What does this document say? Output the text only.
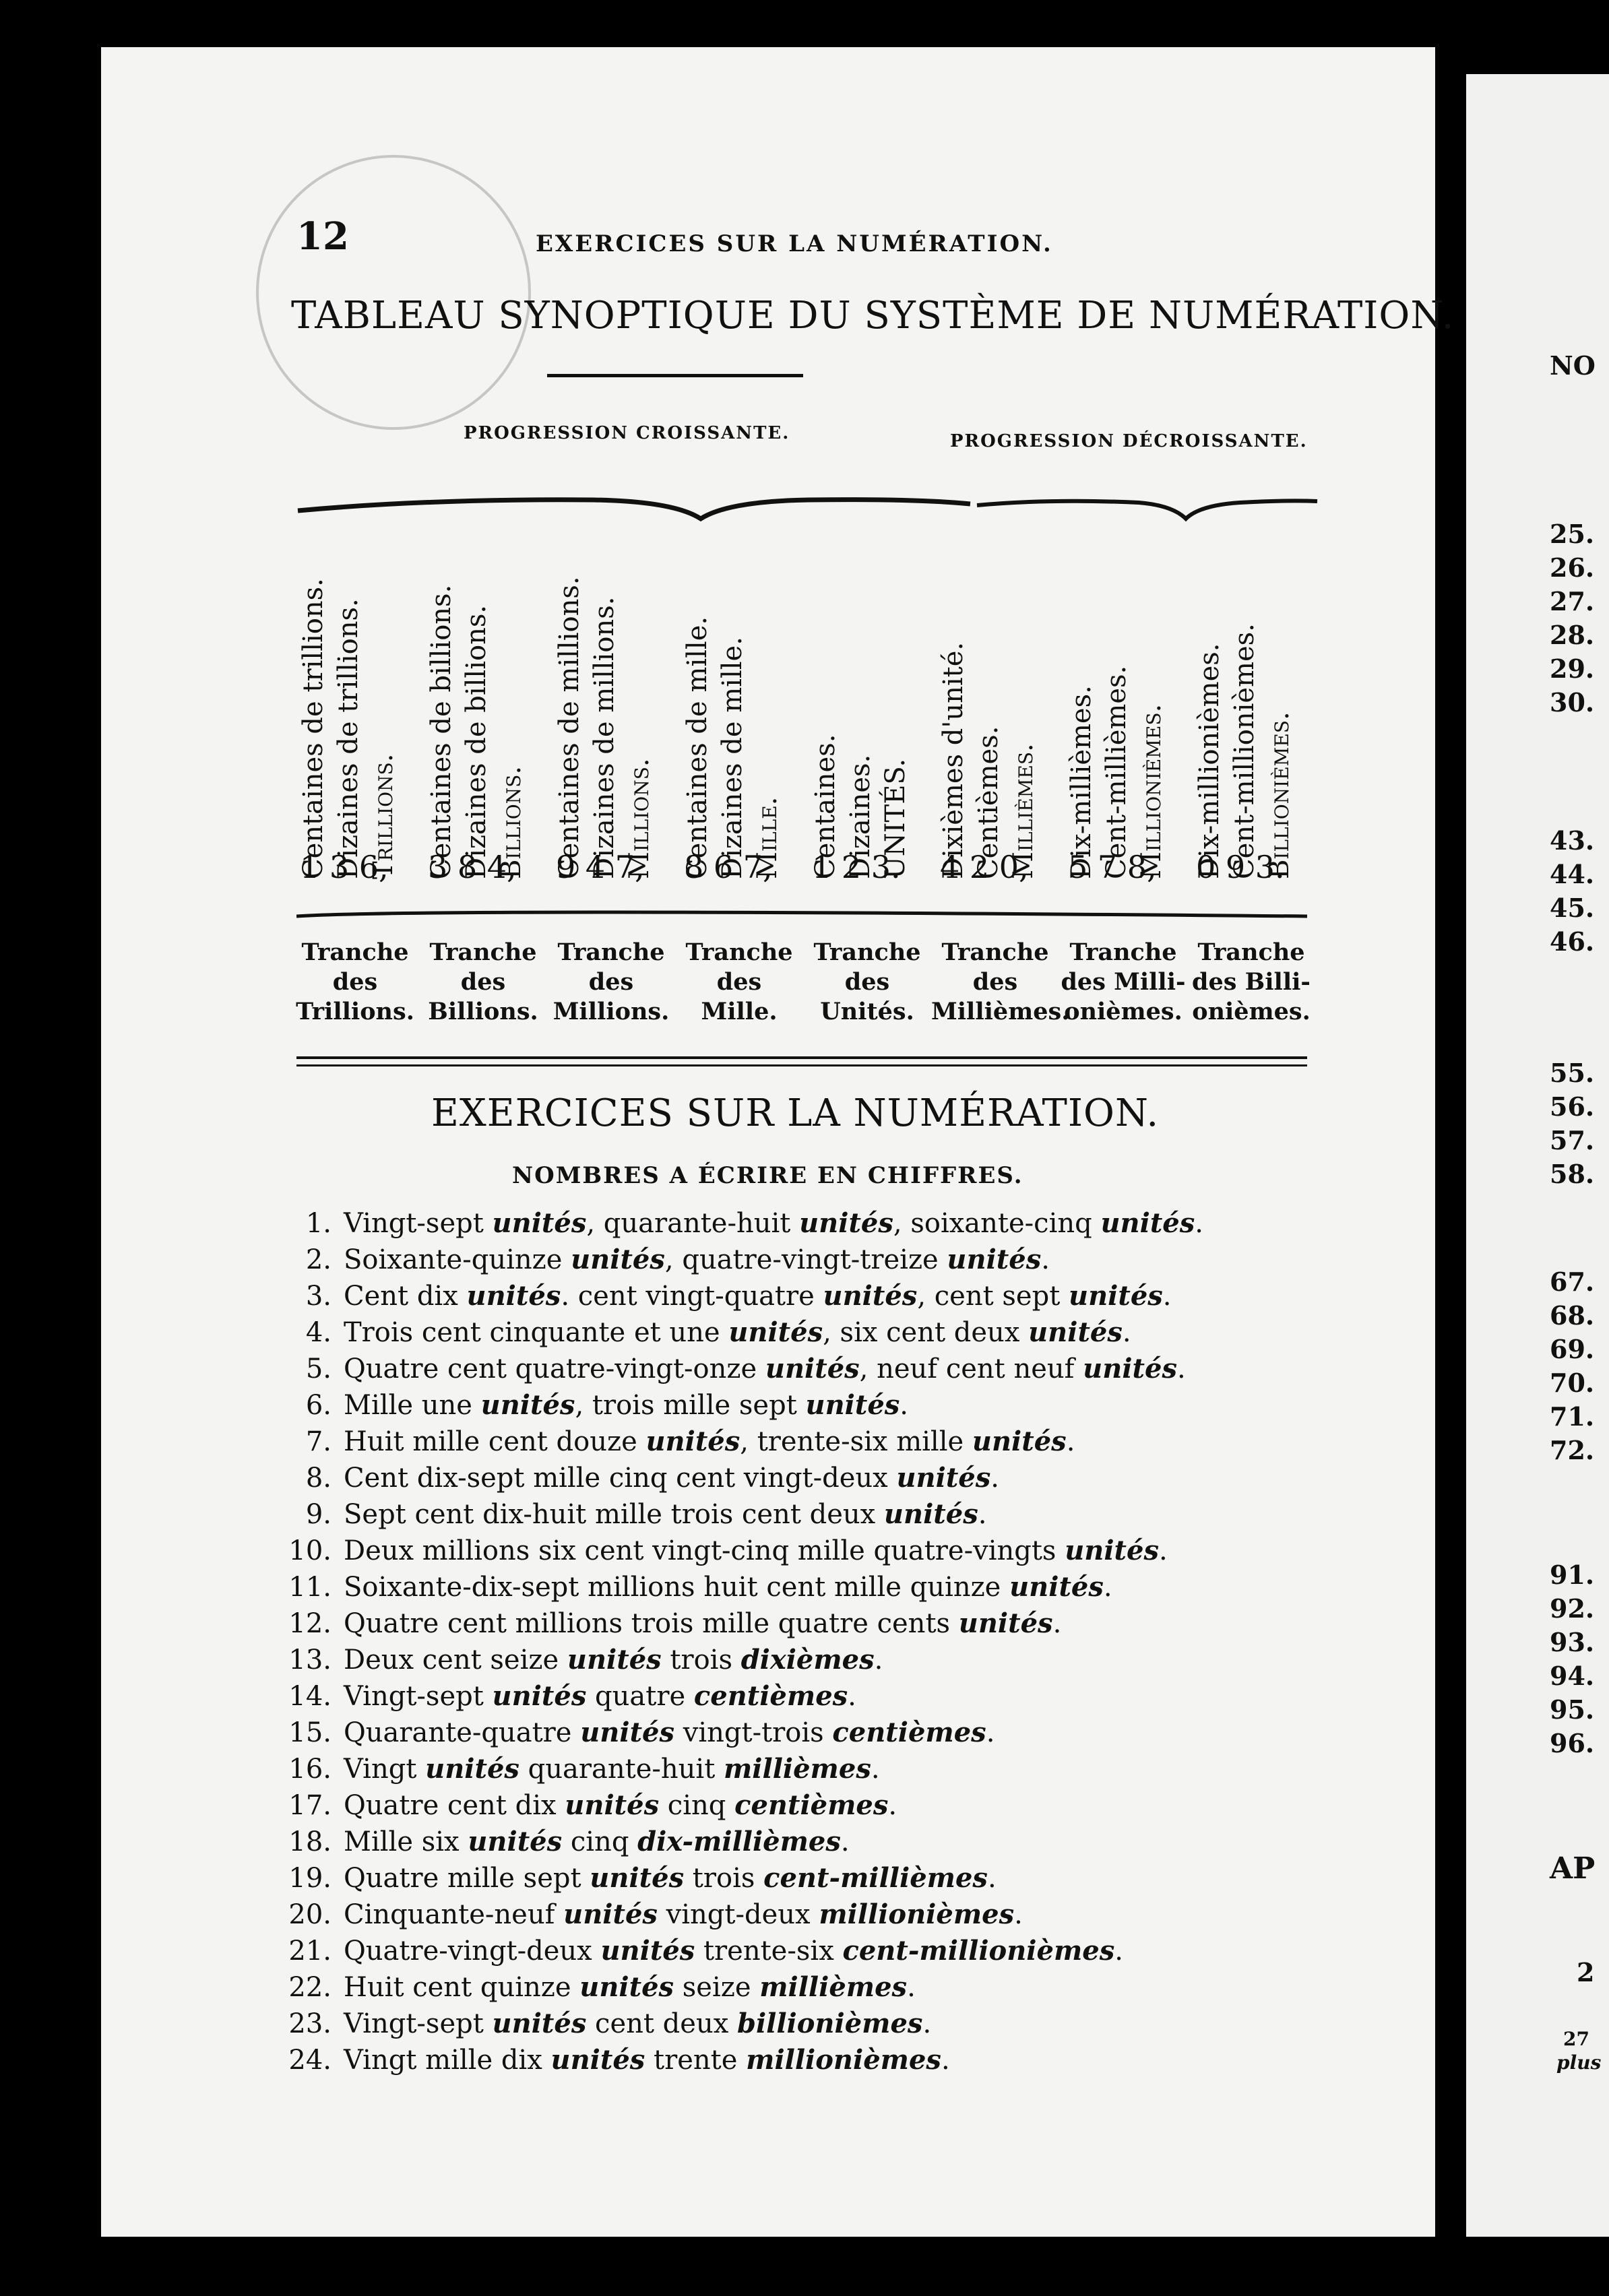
12	EXERCICES SUR LA NUMÉRATION.
TABLEAU SYNOPTIQUE DU SYSTÈME DE NUMÉRATION.
PROGRESSION CROISSANTE.	PROGRESSION DÉCROISSANTE.
Centaines de trillions. Dizaines de trillions. Trillions. Centaines de billions. Dizaines de billions. Billions. Centaines de millions. Dizaines de millions. Millions. Centaines de mille. Dizaines de mille. Mille. Centaines. Dizaines. UNITÉS. Dixièmes d'unité. Centièmes. Millièmes. Dix-millièmes. Cent-millièmes. Millionièmes. Dix-millionièmes. Cent-millionièmes. Billionièmes.
1 3 6, 3 8 4, 9 4 7, 8 6 7, 1 2 3. 4 2 0, 5 7 8, 0 9 3.
Tranche des Trillions.
Tranche des Billions.
Tranche des Millions.
Tranche des Mille.
Tranche des Unités.
Tranche des Millièmes.
Tranche des Milli-onièmes.
Tranche des Billi-onièmes.
EXERCICES SUR LA NUMÉRATION.
NOMBRES A ÉCRIRE EN CHIFFRES.
1. Vingt-sept unités, quarante-huit unités, soixante-cinq unités.
2. Soixante-quinze unités, quatre-vingt-treize unités.
3. Cent dix unités. cent vingt-quatre unités, cent sept unités.
4. Trois cent cinquante et une unités, six cent deux unités.
5. Quatre cent quatre-vingt-onze unités, neuf cent neuf unités.
6. Mille une unités, trois mille sept unités.
7. Huit mille cent douze unités, trente-six mille unités.
8. Cent dix-sept mille cinq cent vingt-deux unités.
9. Sept cent dix-huit mille trois cent deux unités.
10. Deux millions six cent vingt-cinq mille quatre-vingts unités.
11. Soixante-dix-sept millions huit cent mille quinze unités.
12. Quatre cent millions trois mille quatre cents unités.
13. Deux cent seize unités trois dixièmes.
14. Vingt-sept unités quatre centièmes.
15. Quarante-quatre unités vingt-trois centièmes.
16. Vingt unités quarante-huit millièmes.
17. Quatre cent dix unités cinq centièmes.
18. Mille six unités cinq dix-millièmes.
19. Quatre mille sept unités trois cent-millièmes.
20. Cinquante-neuf unités vingt-deux millionièmes.
21. Quatre-vingt-deux unités trente-six cent-millionièmes.
22. Huit cent quinze unités seize millièmes.
23. Vingt-sept unités cent deux billionièmes.
24. Vingt mille dix unités trente millionièmes.
NO
25.
26.
27.
28.
29.
30.
43.
44.
45.
46.
55.
56.
57.
58.
67.
68.
69.
70.
71.
72.
91.
92.
93.
94.
95.
96.
AP
2
27
plus
